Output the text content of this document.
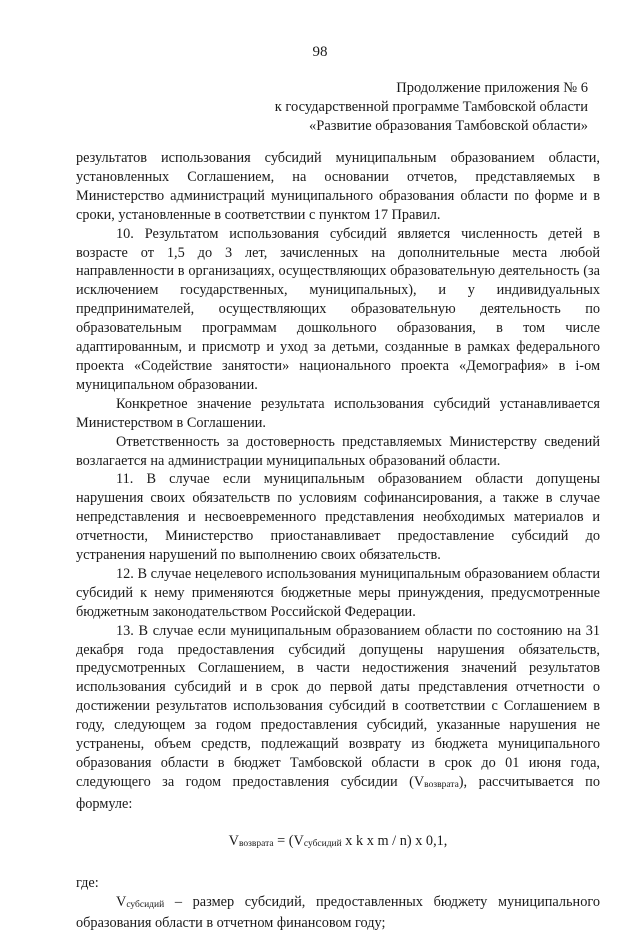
98
Продолжение приложения № 6
к государственной программе Тамбовской области
«Развитие образования Тамбовской области»

результатов использования субсидий муниципальным образованием области, установленных Соглашением, на основании отчетов, представляемых в Министерство администраций муниципального образования области по форме и в сроки, установленные в соответствии с пунктом 17 Правил.

10. Результатом использования субсидий является численность детей в возрасте от 1,5 до 3 лет, зачисленных на дополнительные места любой направленности в организациях, осуществляющих образовательную деятельность (за исключением государственных, муниципальных), и у индивидуальных предпринимателей, осуществляющих образовательную деятельность по образовательным программам дошкольного образования, в том числе адаптированным, и присмотр и уход за детьми, созданные в рамках федерального проекта «Содействие занятости» национального проекта «Демография» в i-ом муниципальном образовании.

Конкретное значение результата использования субсидий устанавливается Министерством в Соглашении.

Ответственность за достоверность представляемых Министерству сведений возлагается на администрации муниципальных образований области.

11. В случае если муниципальным образованием области допущены нарушения своих обязательств по условиям софинансирования, а также в случае непредставления и несвоевременного представления необходимых материалов и отчетности, Министерство приостанавливает предоставление субсидий до устранения нарушений по выполнению своих обязательств.

12. В случае нецелевого использования муниципальным образованием области субсидий к нему применяются бюджетные меры принуждения, предусмотренные бюджетным законодательством Российской Федерации.

13. В случае если муниципальным образованием области по состоянию на 31 декабря года предоставления субсидий допущены нарушения обязательств, предусмотренных Соглашением, в части недостижения значений результатов использования субсидий и в срок до первой даты представления отчетности о достижении результатов использования субсидий в соответствии с Соглашением в году, следующем за годом предоставления субсидий, указанные нарушения не устранены, объем средств, подлежащий возврату из бюджета муниципального образования области в бюджет Тамбовской области в срок до 01 июня года, следующего за годом предоставления субсидии (Vвозврата), рассчитывается по формуле:

$V_{возврата} = (V_{субсидий}$ x k x m / n) x 0,1,

где:

Vсубсидий – размер субсидий, предоставленных бюджету муниципального образования области в отчетном финансовом году;
